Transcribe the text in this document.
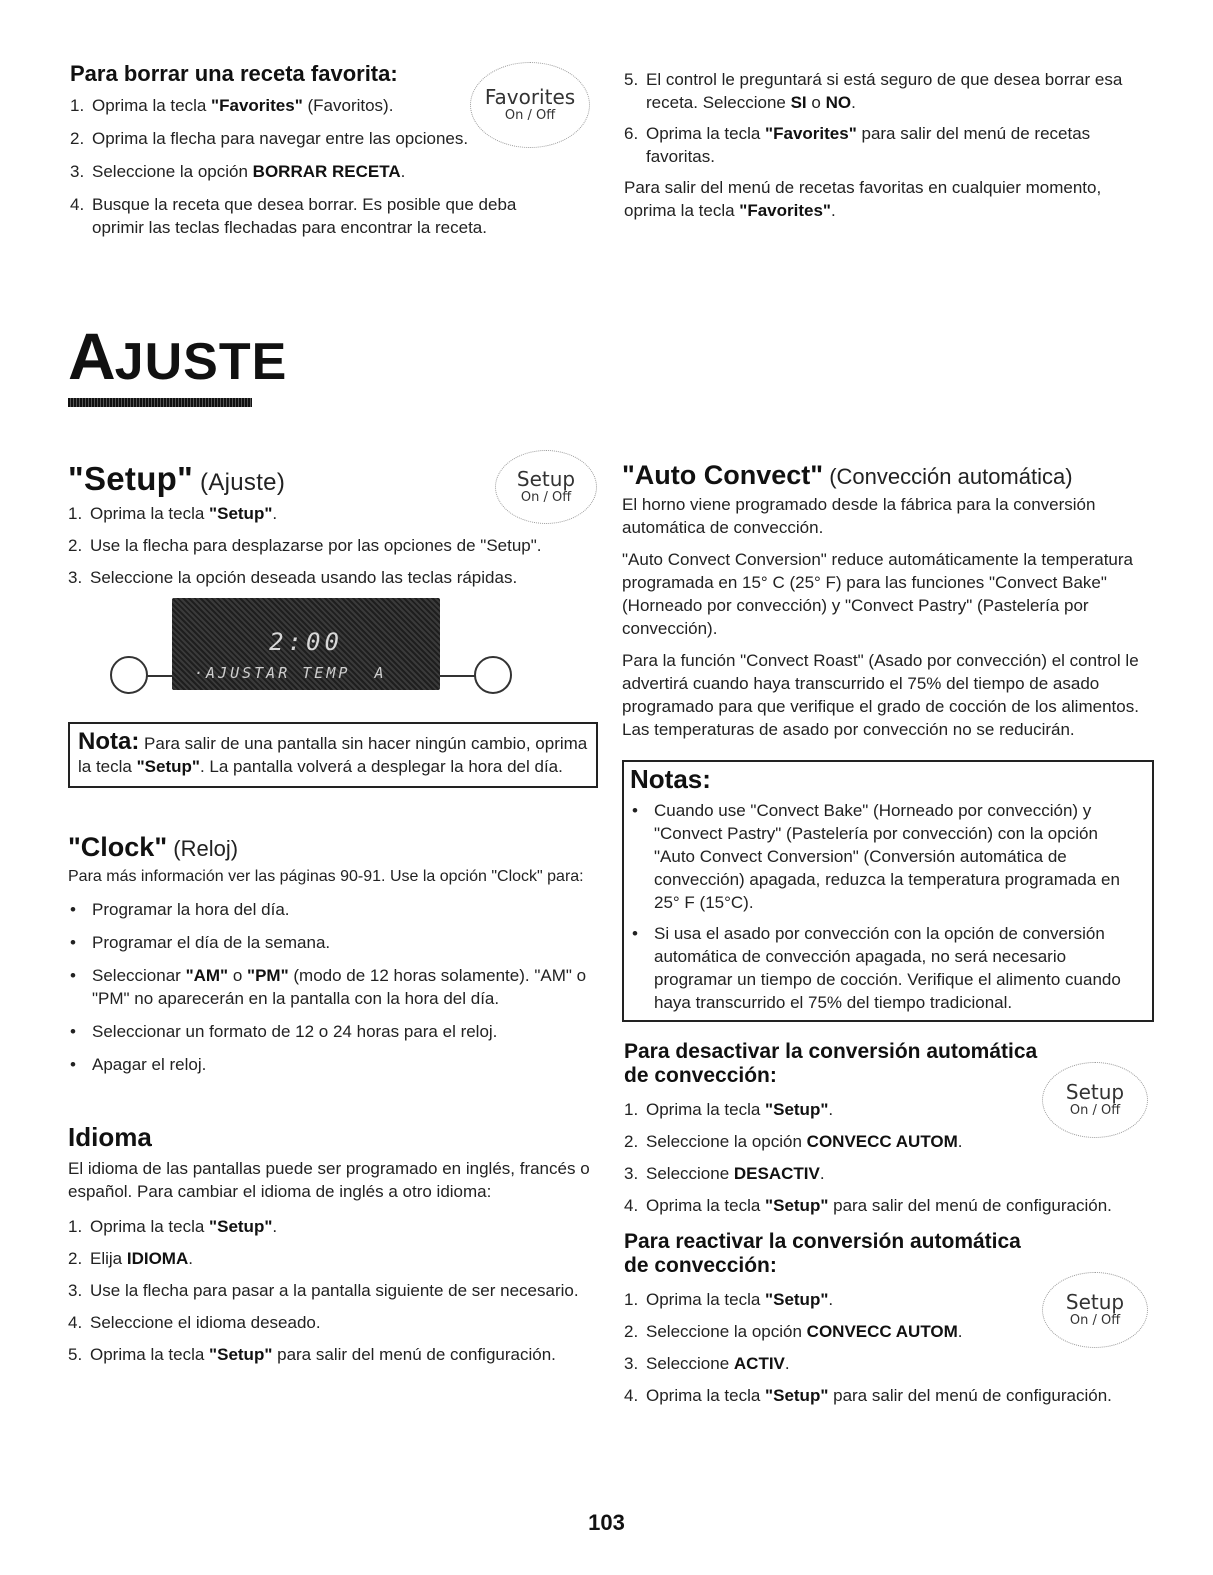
Para borrar una receta favorita:
1. Oprima la tecla "Favorites" (Favoritos).
2. Oprima la flecha para navegar entre las opciones.
3. Seleccione la opción BORRAR RECETA.
4. Busque la receta que desea borrar. Es posible que deba oprimir las teclas flechadas para encontrar la receta.
Favorites
On / Off
5. El control le preguntará si está seguro de que desea borrar esa receta. Seleccione SI o NO.
6. Oprima la tecla "Favorites" para salir del menú de recetas favoritas.

Para salir del menú de recetas favoritas en cualquier momento, oprima la tecla "Favorites".

AJUSTE
"Setup" (Ajuste)
1. Oprima la tecla "Setup".
2. Use la flecha para desplazarse por las opciones de "Setup".
3. Seleccione la opción deseada usando las teclas rápidas.
Setup
On / Off
2:00
·AJUSTAR TEMP  A
Nota: Para salir de una pantalla sin hacer ningún cambio, oprima la tecla "Setup". La pantalla volverá a desplegar la hora del día.
"Clock" (Reloj)
Para más información ver las páginas 90-91. Use la opción "Clock" para:
• Programar la hora del día.
• Programar el día de la semana.
• Seleccionar "AM" o "PM" (modo de 12 horas solamente). "AM" o "PM" no aparecerán en la pantalla con la hora del día.
• Seleccionar un formato de 12 o 24 horas para el reloj.
• Apagar el reloj.
Idioma
El idioma de las pantallas puede ser programado en inglés, francés o español. Para cambiar el idioma de inglés a otro idioma:
1. Oprima la tecla "Setup".
2. Elija IDIOMA.
3. Use la flecha para pasar a la pantalla siguiente de ser necesario.
4. Seleccione el idioma deseado.
5. Oprima la tecla "Setup" para salir del menú de configuración.
"Auto Convect" (Convección automática)

El horno viene programado desde la fábrica para la conversión automática de convección.

"Auto Convect Conversion" reduce automáticamente la temperatura programada en 15° C (25° F) para las funciones "Convect Bake" (Horneado por convección) y "Convect Pastry" (Pastelería por convección).

Para la función "Convect Roast" (Asado por convección) el control le advertirá cuando haya transcurrido el 75% del tiempo de asado programado para que verifique el grado de cocción de los alimentos. Las temperaturas de asado por convección no se reducirán.

Notas:
• Cuando use "Convect Bake" (Horneado por convección) y "Convect Pastry" (Pastelería por convección) con la opción "Auto Convect Conversion" (Conversión automática de convección) apagada, reduzca la temperatura programada en 25° F (15°C).
• Si usa el asado por convección con la opción de conversión automática de convección apagada, no será necesario programar un tiempo de cocción. Verifique el alimento cuando haya transcurrido el 75% del tiempo tradicional.
Para desactivar la conversión automática
de convección:
1. Oprima la tecla "Setup".
2. Seleccione la opción CONVECC AUTOM.
3. Seleccione DESACTIV.
4. Oprima la tecla "Setup" para salir del menú de configuración.
Setup
On / Off
Para reactivar la conversión automática
de convección:
1. Oprima la tecla "Setup".
2. Seleccione la opción CONVECC AUTOM.
3. Seleccione ACTIV.
4. Oprima la tecla "Setup" para salir del menú de configuración.
Setup
On / Off
103
